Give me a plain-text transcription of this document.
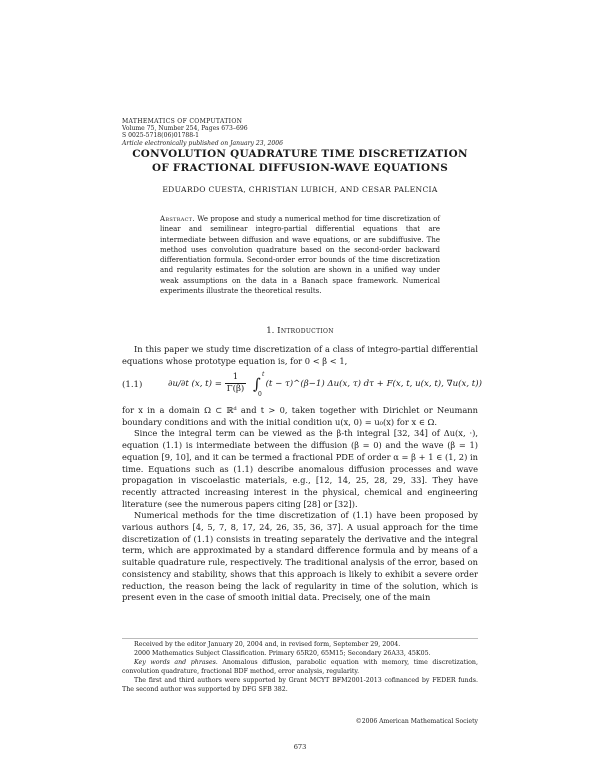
MATHEMATICS OF COMPUTATION
Volume 75, Number 254, Pages 673–696
S 0025-5718(06)01788-1
Article electronically published on January 23, 2006
CONVOLUTION QUADRATURE TIME DISCRETIZATION
OF FRACTIONAL DIFFUSION-WAVE EQUATIONS
EDUARDO CUESTA, CHRISTIAN LUBICH, AND CESAR PALENCIA
Abstract. We propose and study a numerical method for time discretization of linear and semilinear integro-partial differential equations that are intermediate between diffusion and wave equations, or are subdiffusive. The method uses convolution quadrature based on the second-order backward differentiation formula. Second-order error bounds of the time discretization and regularity estimates for the solution are shown in a unified way under weak assumptions on the data in a Banach space framework. Numerical experiments illustrate the theoretical results.
1. Introduction

In this paper we study time discretization of a class of integro-partial differential equations whose prototype equation is, for 0 < β < 1,

(1.1)	∂u/∂t (x, $t) = \frac{1}{\Gamma(\beta)}$ ∫
t
0
(t − τ)^(β−1) Δu(x, τ) dτ + F(x, t, u(x, t), ∇u(x, t))

for x in a domain Ω ⊂ ℝᵈ and t > 0, taken together with Dirichlet or Neumann boundary conditions and with the initial condition u(x, 0) = u₀(x) for x ∈ Ω.

Since the integral term can be viewed as the β-th integral [32, 34] of Δu(x, ·), equation (1.1) is intermediate between the diffusion (β = 0) and the wave (β = 1) equation [9, 10], and it can be termed a fractional PDE of order α = β + 1 ∈ (1, 2) in time. Equations such as (1.1) describe anomalous diffusion processes and wave propagation in viscoelastic materials, e.g., [12, 14, 25, 28, 29, 33]. They have recently attracted increasing interest in the physical, chemical and engineering literature (see the numerous papers citing [28] or [32]).

Numerical methods for the time discretization of (1.1) have been proposed by various authors [4, 5, 7, 8, 17, 24, 26, 35, 36, 37]. A usual approach for the time discretization of (1.1) consists in treating separately the derivative and the integral term, which are approximated by a standard difference formula and by means of a suitable quadrature rule, respectively. The traditional analysis of the error, based on consistency and stability, shows that this approach is likely to exhibit a severe order reduction, the reason being the lack of regularity in time of the solution, which is present even in the case of smooth initial data. Precisely, one of the main

Received by the editor January 20, 2004 and, in revised form, September 29, 2004.

2000 Mathematics Subject Classification. Primary 65R20, 65M15; Secondary 26A33, 45K05.

Key words and phrases. Anomalous diffusion, parabolic equation with memory, time discretization, convolution quadrature, fractional BDF method, error analysis, regularity.

The first and third authors were supported by Grant MCYT BFM2001-2013 cofinanced by FEDER funds. The second author was supported by DFG SFB 382.

©2006 American Mathematical Society
673
